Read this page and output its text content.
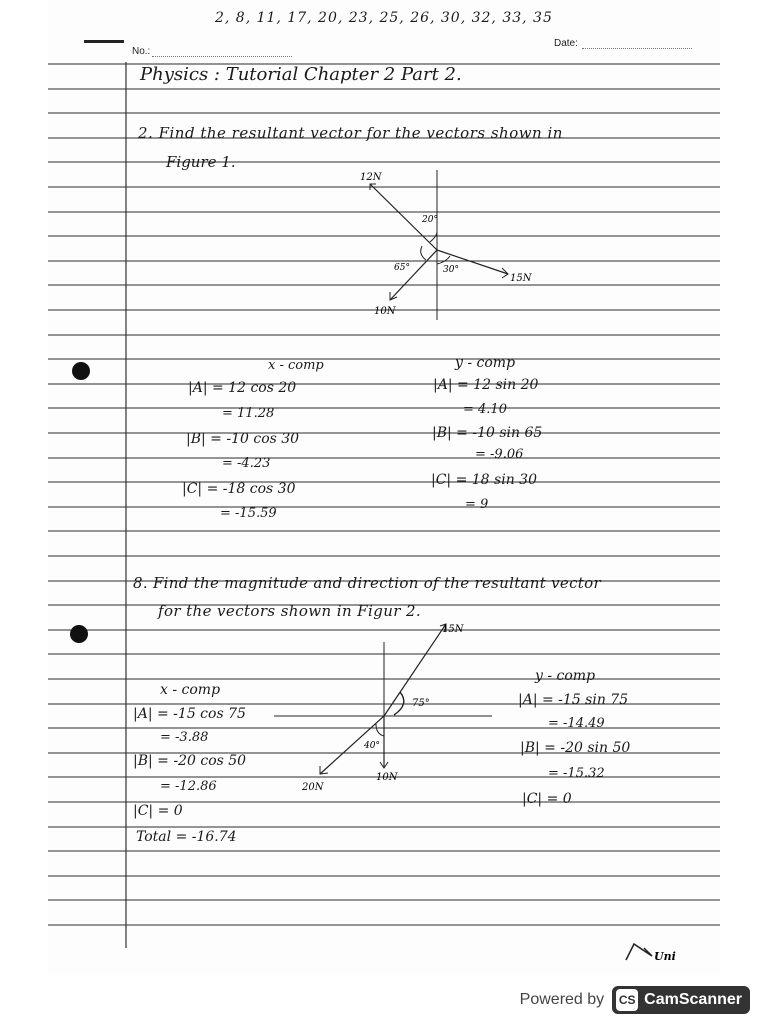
2, 8, 11, 17, 20, 23, 25, 26, 30, 32, 33, 35
No.:
Date:
Physics : Tutorial Chapter 2 Part 2.
2. Find the resultant vector for the vectors shown in
Figure 1.
12N
15N
10N
20°
65°	30°
x - comp
|A| = 12 cos 20
= 11.28
|B| = -10 cos 30
= -4.23
|C| = -18 cos 30
= -15.59
y - comp
|A| = 12 sin 20
= 4.10
|B| = -10 sin 65
= -9.06
|C| = 18 sin 30
= 9
8. Find the magnitude and direction of the resultant vector
for the vectors shown in Figur 2.
15N
20N
10N
75°
40°
x - comp
|A| = -15 cos 75
= -3.88
|B| = -20 cos 50
= -12.86
|C| = 0
Total = -16.74
y - comp
|A| = -15 sin 75
= -14.49
|B| = -20 sin 50
= -15.32
|C| = 0
Uni
Powered by CS CamScanner
